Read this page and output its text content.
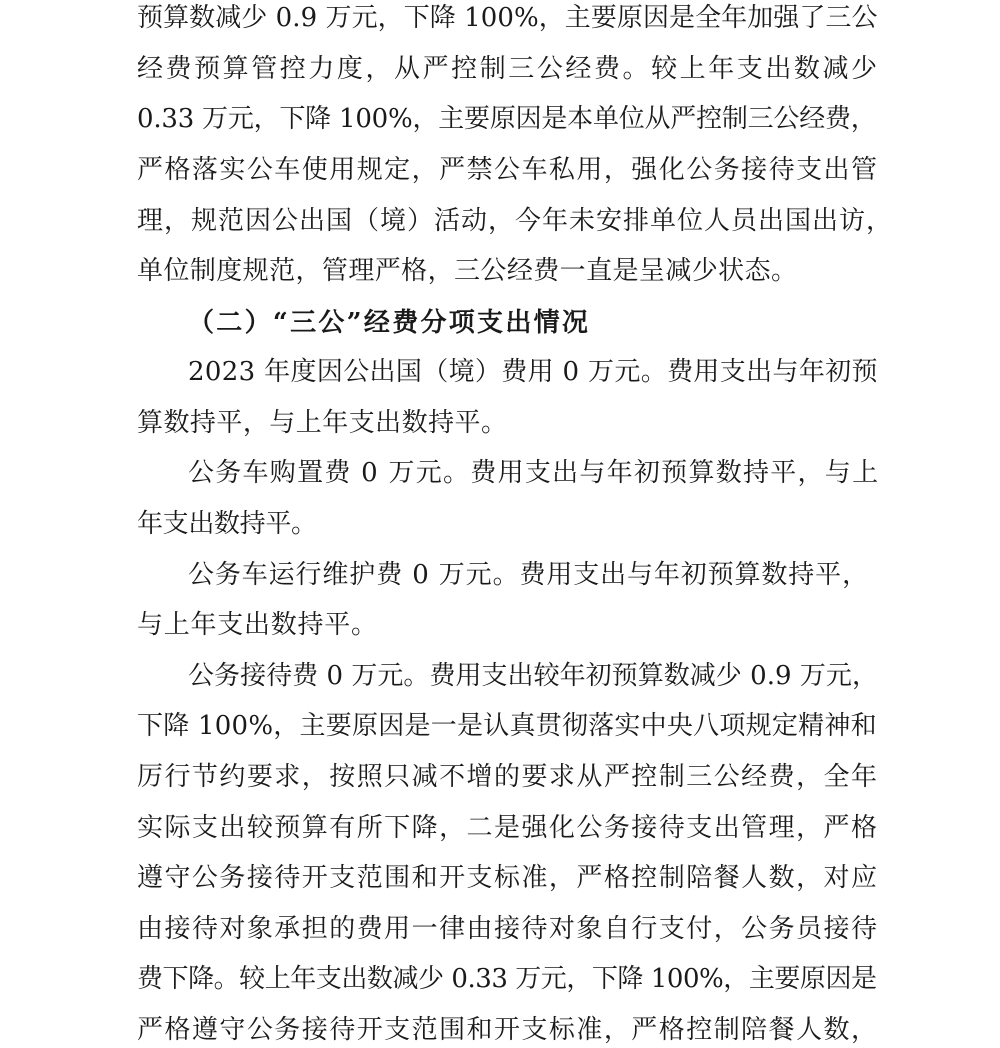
预算数减少 0.9 万元，下降 100%，主要原因是全年加强了三公
经费预算管控力度，从严控制三公经费。较上年支出数减少
0.33 万元，下降 100%，主要原因是本单位从严控制三公经费，
严格落实公车使用规定，严禁公车私用，强化公务接待支出管
理，规范因公出国（境）活动，今年未安排单位人员出国出访，
单位制度规范，管理严格，三公经费一直是呈减少状态。
（二）“三公”经费分项支出情况
2023 年度因公出国（境）费用 0 万元。费用支出与年初预
算数持平，与上年支出数持平。
公务车购置费 0 万元。费用支出与年初预算数持平，与上
年支出数持平。
公务车运行维护费 0 万元。费用支出与年初预算数持平，
与上年支出数持平。
公务接待费 0 万元。费用支出较年初预算数减少 0.9 万元，
下降 100%，主要原因是一是认真贯彻落实中央八项规定精神和
厉行节约要求，按照只减不增的要求从严控制三公经费，全年
实际支出较预算有所下降，二是强化公务接待支出管理，严格
遵守公务接待开支范围和开支标准，严格控制陪餐人数，对应
由接待对象承担的费用一律由接待对象自行支付，公务员接待
费下降。较上年支出数减少 0.33 万元，下降 100%，主要原因是
严格遵守公务接待开支范围和开支标准，严格控制陪餐人数，
